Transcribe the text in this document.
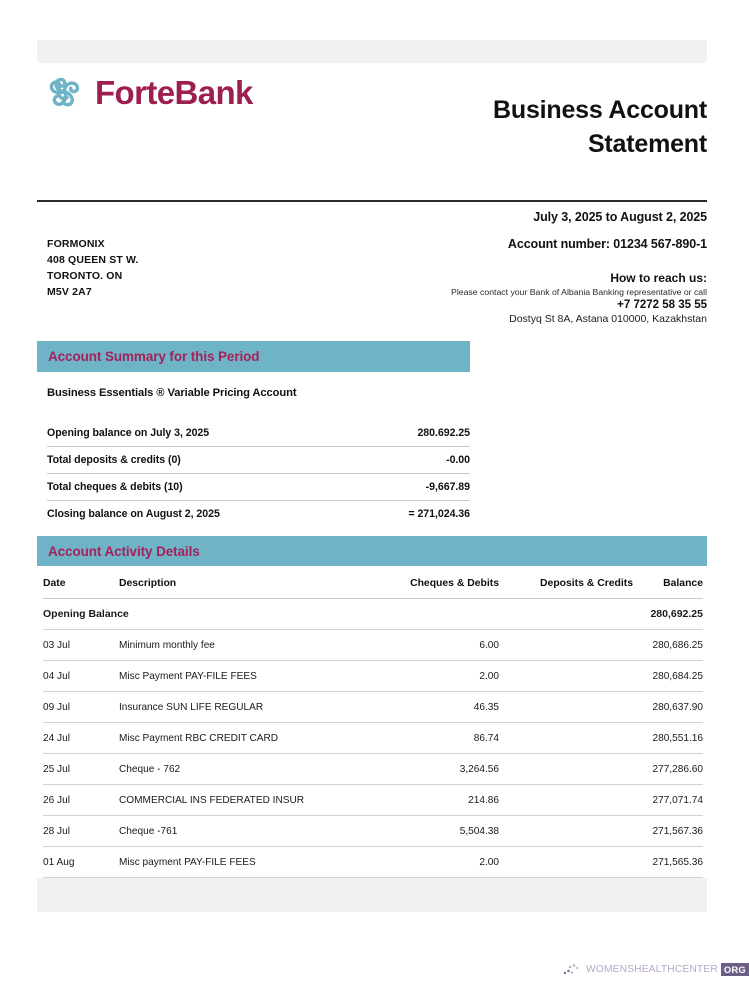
ForteBank	Business Account
Statement
July 3, 2025 to August 2, 2025
Account number: 01234 567-890-1
How to reach us:
Please contact your Bank of Albania Banking representative or call
+7 7272 58 35 55
Dostyq St 8A, Astana 010000, Kazakhstan
FORMONIX
408 QUEEN ST W.
TORONTO. ON
M5V 2A7
Account Summary for this Period
Business Essentials ® Variable Pricing Account
Opening balance on July 3, 2025	280.692.25
Total deposits & credits (0)	-0.00
Total cheques & debits (10)	-9,667.89
Closing balance on August 2, 2025	= 271,024.36
Account Activity Details
Date	Description	Cheques & Debits	Deposits & Credits	Balance
Opening Balance				280,692.25
03 Jul	Minimum monthly fee	6.00		280,686.25
04 Jul	Misc Payment PAY-FILE FEES	2.00		280,684.25
09 Jul	Insurance SUN LIFE REGULAR	46.35		280,637.90
24 Jul	Misc Payment RBC CREDIT CARD	86.74		280,551.16
25 Jul	Cheque - 762	3,264.56		277,286.60
26 Jul	COMMERCIAL INS FEDERATED INSUR	214.86		277,071.74
28 Jul	Cheque -761	5,504.38		271,567.36
01 Aug	Misc payment PAY-FILE FEES	2.00		271,565.36

WOMENSHEALTHCENTER ORG
